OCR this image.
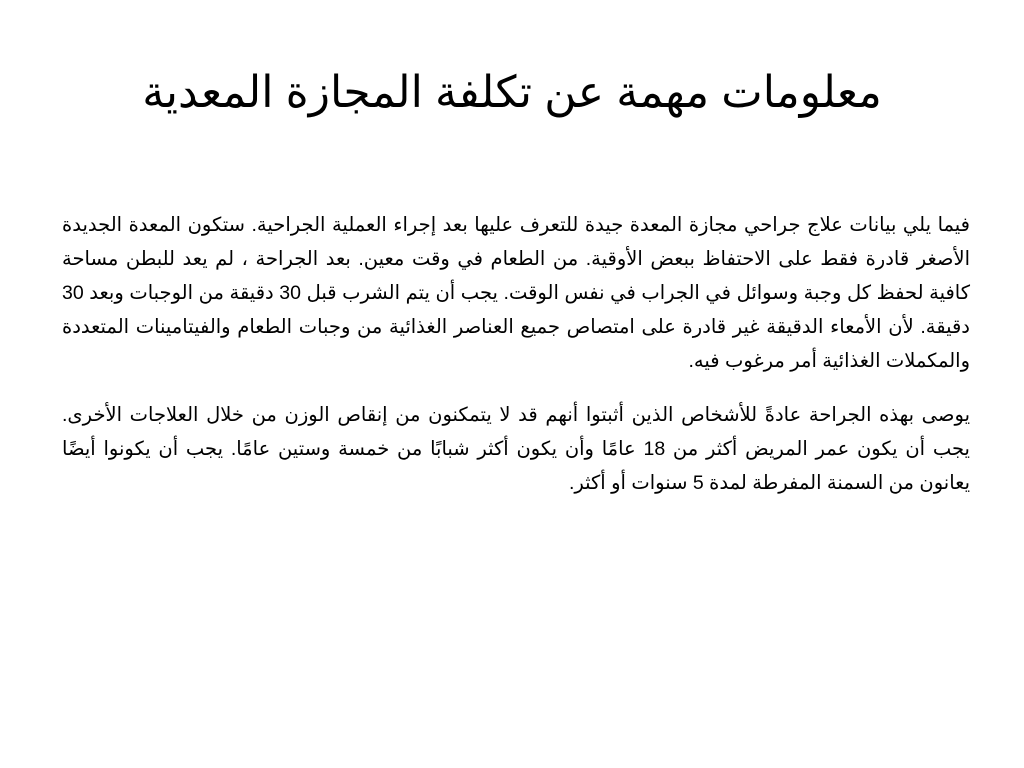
معلومات مهمة عن تكلفة المجازة المعدية

فيما يلي بيانات علاج جراحي مجازة المعدة جيدة للتعرف عليها بعد إجراء العملية الجراحية. ستكون المعدة الجديدة الأصغر قادرة فقط على الاحتفاظ ببعض الأوقية. من الطعام في وقت معين. بعد الجراحة ، لم يعد للبطن مساحة كافية لحفظ كل وجبة وسوائل في الجراب في نفس الوقت. يجب أن يتم الشرب قبل 30 دقيقة من الوجبات وبعد 30 دقيقة. لأن الأمعاء الدقيقة غير قادرة على امتصاص جميع العناصر الغذائية من وجبات الطعام والفيتامينات المتعددة والمكملات الغذائية أمر مرغوب فيه.

يوصى بهذه الجراحة عادةً للأشخاص الذين أثبتوا أنهم قد لا يتمكنون من إنقاص الوزن من خلال العلاجات الأخرى. يجب أن يكون عمر المريض أكثر من 18 عامًا وأن يكون أكثر شبابًا من خمسة وستين عامًا. يجب أن يكونوا أيضًا يعانون من السمنة المفرطة لمدة 5 سنوات أو أكثر.
